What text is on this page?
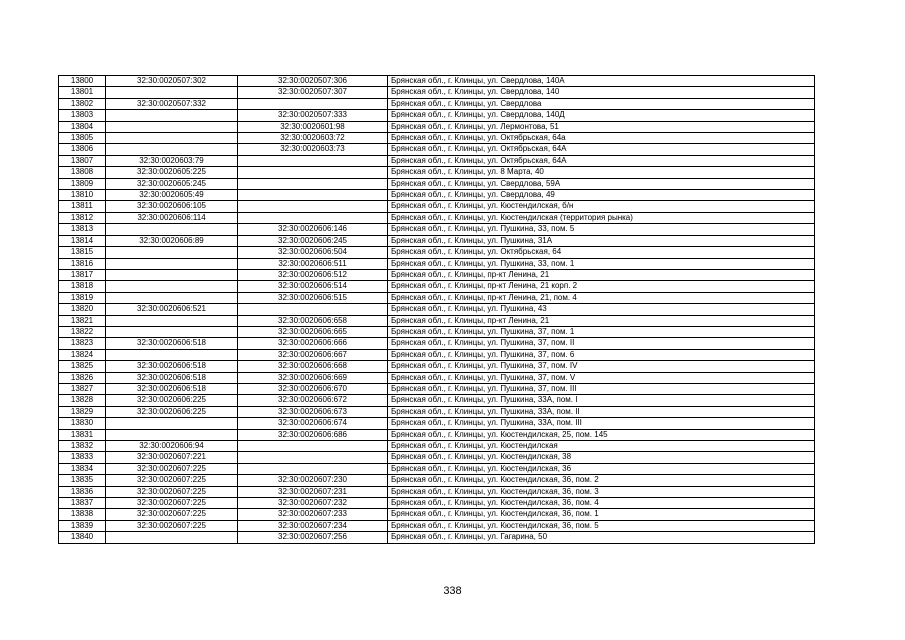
13800	32:30:0020507:302	32:30:0020507:306	Брянская обл., г. Клинцы, ул. Свердлова, 140А
13801		32:30:0020507:307	Брянская обл., г. Клинцы, ул. Свердлова, 140
13802	32:30:0020507:332		Брянская обл., г. Клинцы, ул. Свердлова
13803		32:30:0020507:333	Брянская обл., г. Клинцы, ул. Свердлова, 140Д
13804		32:30:0020601:98	Брянская обл., г. Клинцы, ул. Лермонтова, 51
13805		32:30:0020603:72	Брянская обл., г. Клинцы, ул. Октябрьская, 64а
13806		32:30:0020603:73	Брянская обл., г. Клинцы, ул. Октябрьская, 64А
13807	32:30:0020603:79		Брянская обл., г. Клинцы, ул. Октябрьская, 64А
13808	32:30:0020605:225		Брянская обл., г. Клинцы, ул. 8 Марта, 40
13809	32:30:0020605:245		Брянская обл., г. Клинцы, ул. Свердлова, 59А
13810	32:30:0020605:49		Брянская обл., г. Клинцы, ул. Свердлова, 49
13811	32:30:0020606:105		Брянская обл., г. Клинцы, ул. Кюстендилская, б/н
13812	32:30:0020606:114		Брянская обл., г. Клинцы, ул. Кюстендилская (территория рынка)
13813		32:30:0020606:146	Брянская обл., г. Клинцы, ул. Пушкина, 33, пом. 5
13814	32:30:0020606:89	32:30:0020606:245	Брянская обл., г. Клинцы, ул. Пушкина, 31А
13815		32:30:0020606:504	Брянская обл., г. Клинцы, ул. Октябрьская, 64
13816		32:30:0020606:511	Брянская обл., г. Клинцы, ул. Пушкина, 33, пом. 1
13817		32:30:0020606:512	Брянская обл., г. Клинцы, пр-кт Ленина, 21
13818		32:30:0020606:514	Брянская обл., г. Клинцы, пр-кт Ленина, 21 корп. 2
13819		32:30:0020606:515	Брянская обл., г. Клинцы, пр-кт Ленина, 21, пом. 4
13820	32:30:0020606:521		Брянская обл., г. Клинцы, ул. Пушкина, 43
13821		32:30:0020606:658	Брянская обл., г. Клинцы, пр-кт Ленина, 21
13822		32:30:0020606:665	Брянская обл., г. Клинцы, ул. Пушкина, 37, пом. 1
13823	32:30:0020606:518	32:30:0020606:666	Брянская обл., г. Клинцы, ул. Пушкина, 37, пом. II
13824		32:30:0020606:667	Брянская обл., г. Клинцы, ул. Пушкина, 37, пом. 6
13825	32:30:0020606:518	32:30:0020606:668	Брянская обл., г. Клинцы, ул. Пушкина, 37, пом. IV
13826	32:30:0020606:518	32:30:0020606:669	Брянская обл., г. Клинцы, ул. Пушкина, 37, пом. V
13827	32:30:0020606:518	32:30:0020606:670	Брянская обл., г. Клинцы, ул. Пушкина, 37, пом. III
13828	32:30:0020606:225	32:30:0020606:672	Брянская обл., г. Клинцы, ул. Пушкина, 33А, пом. I
13829	32:30:0020606:225	32:30:0020606:673	Брянская обл., г. Клинцы, ул. Пушкина, 33А, пом. II
13830		32:30:0020606:674	Брянская обл., г. Клинцы, ул. Пушкина, 33А, пом. III
13831		32:30:0020606:686	Брянская обл., г. Клинцы, ул. Кюстендилская, 25, пом. 145
13832	32:30:0020606:94		Брянская обл., г. Клинцы, ул. Кюстендилская
13833	32:30:0020607:221		Брянская обл., г. Клинцы, ул. Кюстендилская, 38
13834	32:30:0020607:225		Брянская обл., г. Клинцы, ул. Кюстендилская, 36
13835	32:30:0020607:225	32:30:0020607:230	Брянская обл., г. Клинцы, ул. Кюстендилская, 36, пом. 2
13836	32:30:0020607:225	32:30:0020607:231	Брянская обл., г. Клинцы, ул. Кюстендилская, 36, пом. 3
13837	32:30:0020607:225	32:30:0020607:232	Брянская обл., г. Клинцы, ул. Кюстендилская, 36, пом. 4
13838	32:30:0020607:225	32:30:0020607:233	Брянская обл., г. Клинцы, ул. Кюстендилская, 36, пом. 1
13839	32:30:0020607:225	32:30:0020607:234	Брянская обл., г. Клинцы, ул. Кюстендилская, 36, пом. 5
13840		32:30:0020607:256	Брянская обл., г. Клинцы, ул. Гагарина, 50
338
